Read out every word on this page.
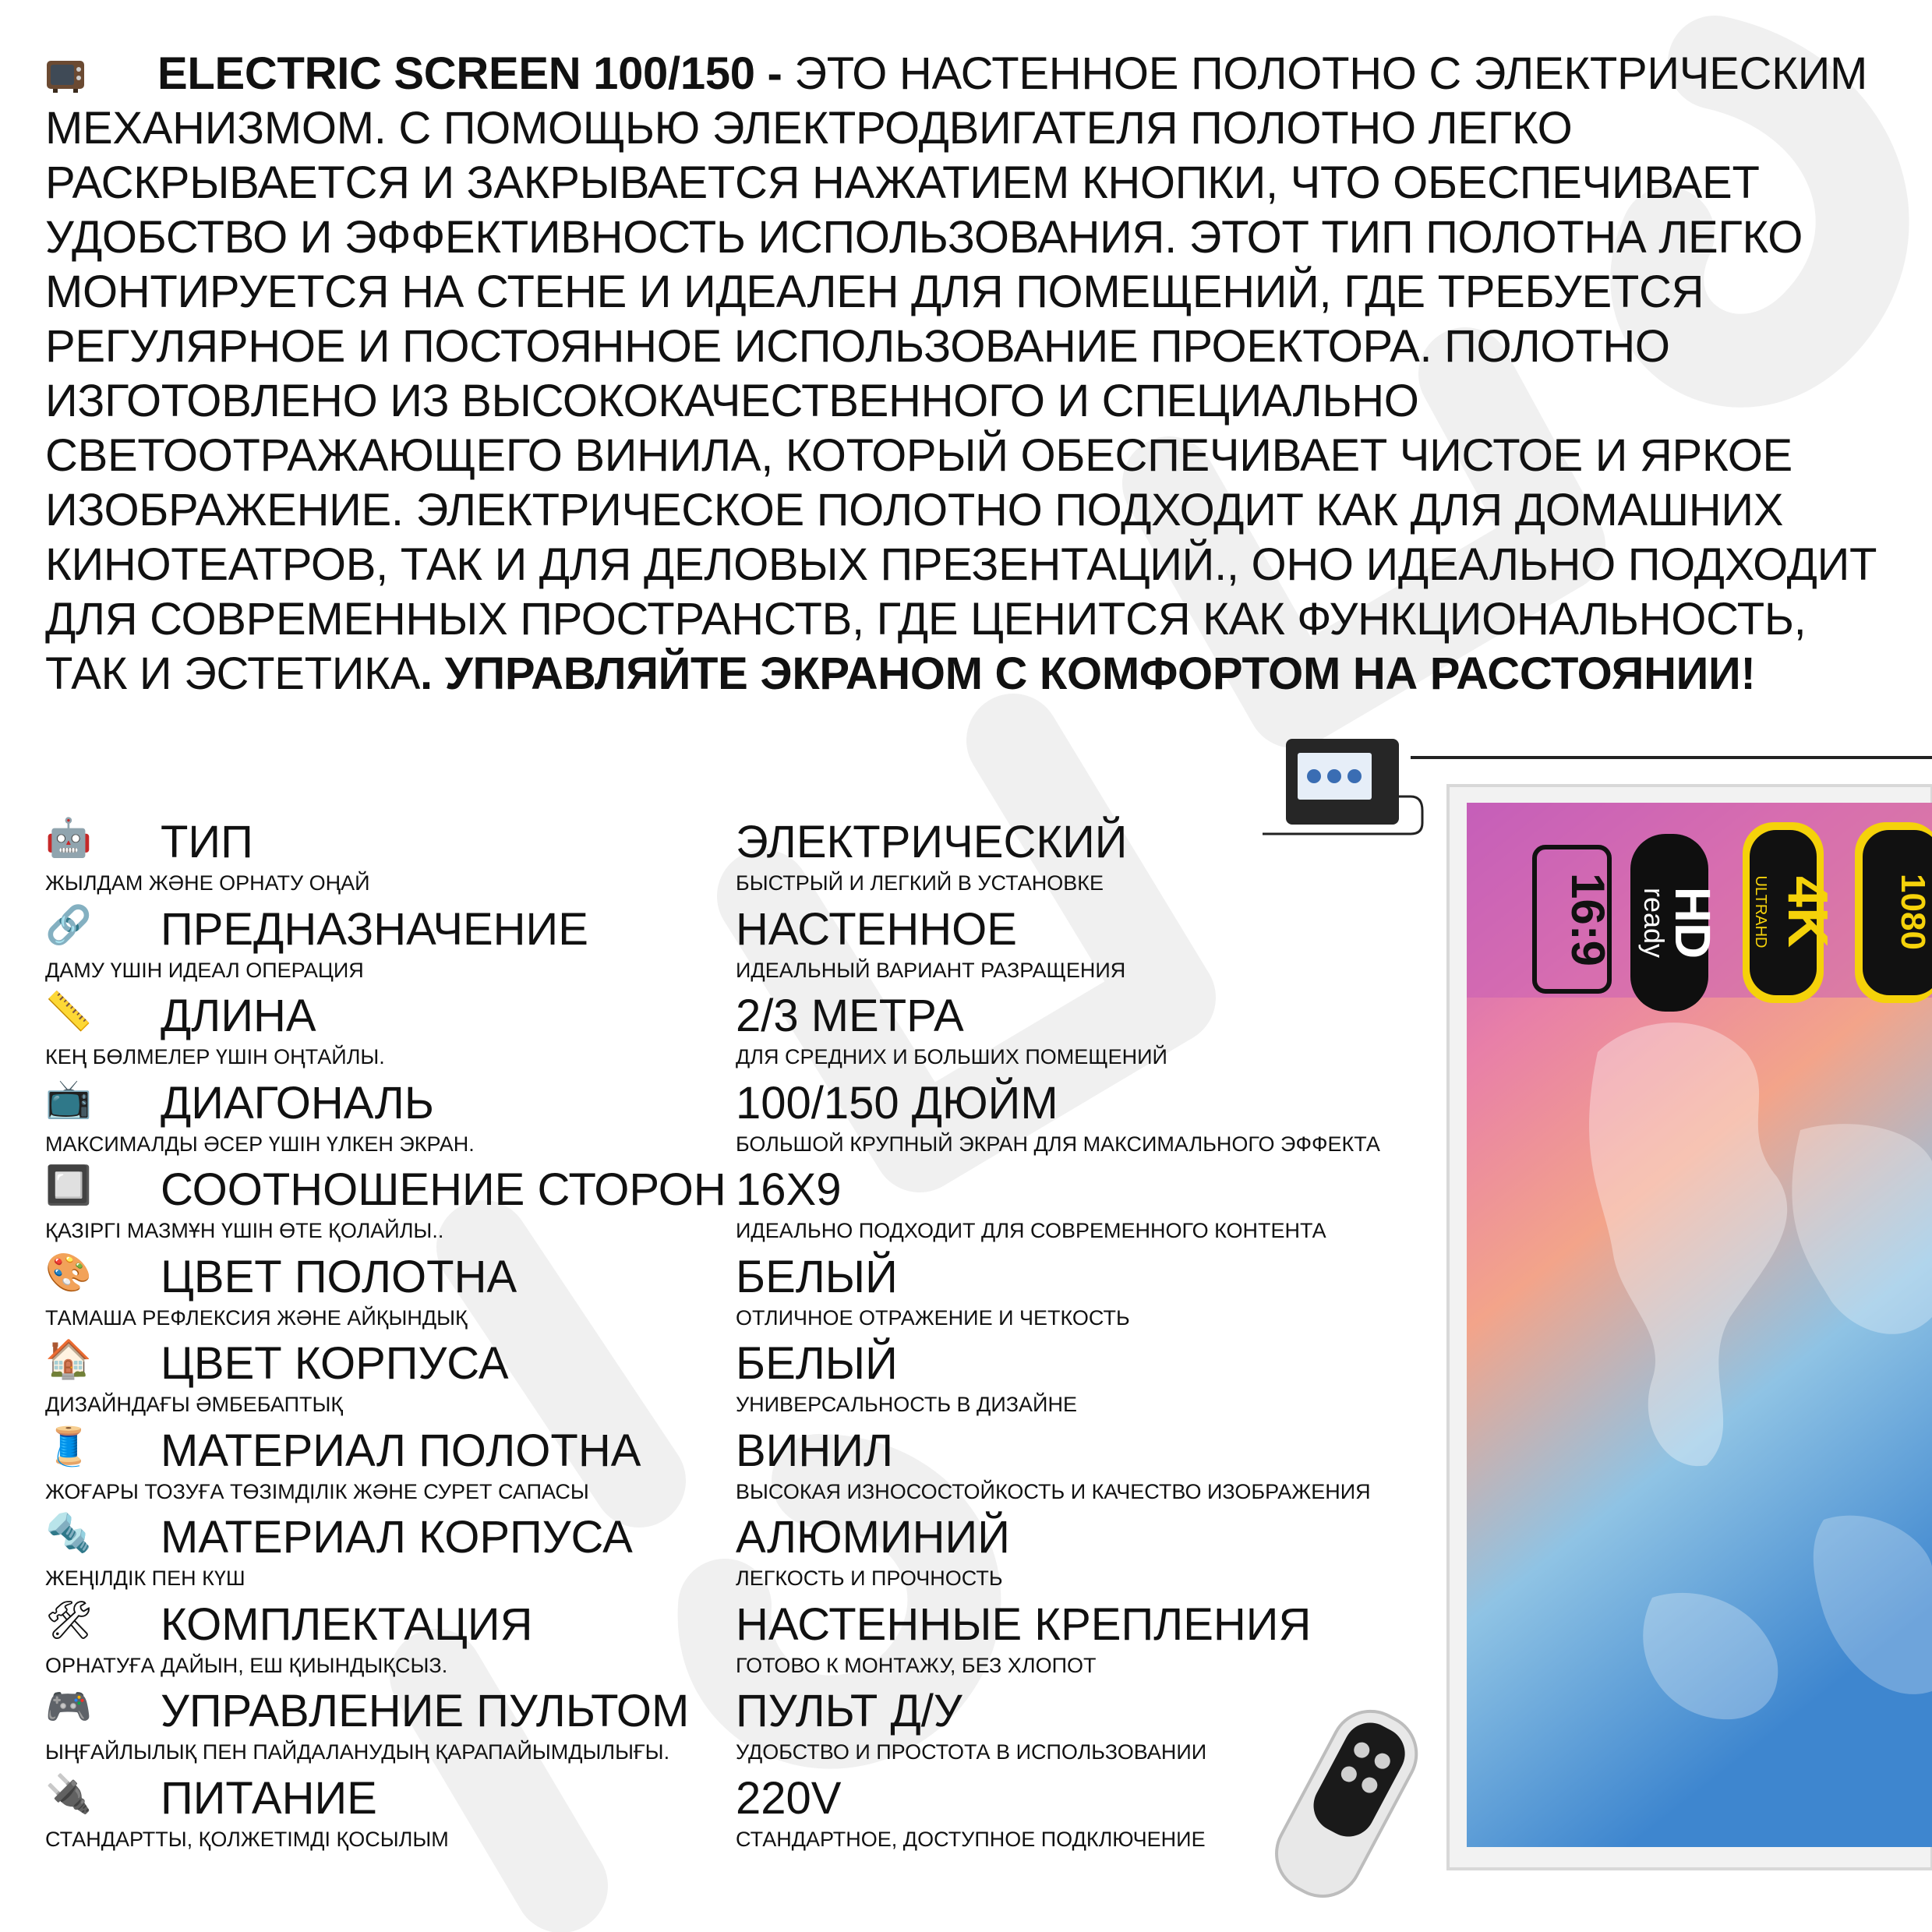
ELECTRIC SCREEN 100/150 - ЭТО НАСТЕННОЕ ПОЛОТНО С ЭЛЕКТРИЧЕСКИМ МЕХАНИЗМОМ. С ПОМОЩЬЮ ЭЛЕКТРОДВИГАТЕЛЯ ПОЛОТНО ЛЕГКО РАСКРЫВАЕТСЯ И ЗАКРЫВАЕТСЯ НАЖАТИЕМ КНОПКИ, ЧТО ОБЕСПЕЧИВАЕТ УДОБСТВО И ЭФФЕКТИВНОСТЬ ИСПОЛЬЗОВАНИЯ. ЭТОТ ТИП ПОЛОТНА ЛЕГКО МОНТИРУЕТСЯ НА СТЕНЕ И ИДЕАЛЕН ДЛЯ ПОМЕЩЕНИЙ, ГДЕ ТРЕБУЕТСЯ РЕГУЛЯРНОЕ И ПОСТОЯННОЕ ИСПОЛЬЗОВАНИЕ ПРОЕКТОРА. ПОЛОТНО ИЗГОТОВЛЕНО ИЗ ВЫСОКОКАЧЕСТВЕННОГО И СПЕЦИАЛЬНО СВЕТООТРАЖАЮЩЕГО ВИНИЛА, КОТОРЫЙ ОБЕСПЕЧИВАЕТ ЧИСТОЕ И ЯРКОЕ ИЗОБРАЖЕНИЕ. ЭЛЕКТРИЧЕСКОЕ ПОЛОТНО ПОДХОДИТ КАК ДЛЯ ДОМАШНИХ КИНОТЕАТРОВ, ТАК И ДЛЯ ДЕЛОВЫХ ПРЕЗЕНТАЦИЙ., ОНО ИДЕАЛЬНО ПОДХОДИТ ДЛЯ СОВРЕМЕННЫХ ПРОСТРАНСТВ, ГДЕ ЦЕНИТСЯ КАК ФУНКЦИОНАЛЬНОСТЬ, ТАК И ЭСТЕТИКА. УПРАВЛЯЙТЕ ЭКРАНОМ С КОМФОРТОМ НА РАССТОЯНИИ!
16:9 HD
ready 4K
ULTRAHD	1080
🤖 ТИП
ЖЫЛДАМ ЖӘНЕ ОРНАТУ ОҢАЙ
ЭЛЕКТРИЧЕСКИЙ
БЫСТРЫЙ И ЛЕГКИЙ В УСТАНОВКЕ
🔗 ПРЕДНАЗНАЧЕНИЕ
ДАМУ ҮШІН ИДЕАЛ ОПЕРАЦИЯ
НАСТЕННОЕ
ИДЕАЛЬНЫЙ ВАРИАНТ РАЗРАЩЕНИЯ
📏 ДЛИНА
КЕҢ БӨЛМЕЛЕР ҮШІН ОҢТАЙЛЫ.
2/3 МЕТРА
ДЛЯ СРЕДНИХ И БОЛЬШИХ ПОМЕЩЕНИЙ
📺 ДИАГОНАЛЬ
МАКСИМАЛДЫ ӘСЕР ҮШІН ҮЛКЕН ЭКРАН.
100/150 ДЮЙМ
БОЛЬШОЙ КРУПНЫЙ ЭКРАН ДЛЯ МАКСИМАЛЬНОГО ЭФФЕКТА
🔲 СООТНОШЕНИЕ СТОРОН
ҚАЗІРГІ МАЗМҰН ҮШІН ӨТЕ ҚОЛАЙЛЫ..
16X9
ИДЕАЛЬНО ПОДХОДИТ ДЛЯ СОВРЕМЕННОГО КОНТЕНТА
🎨 ЦВЕТ ПОЛОТНА
ТАМАША РЕФЛЕКСИЯ ЖӘНЕ АЙҚЫНДЫҚ
БЕЛЫЙ
ОТЛИЧНОЕ ОТРАЖЕНИЕ И ЧЕТКОСТЬ
🏠 ЦВЕТ КОРПУСА
ДИЗАЙНДАҒЫ ӘМБЕБАПТЫҚ
БЕЛЫЙ
УНИВЕРСАЛЬНОСТЬ В ДИЗАЙНЕ
🧵 МАТЕРИАЛ ПОЛОТНА
ЖОҒАРЫ ТОЗУҒА ТӨЗІМДІЛІК ЖӘНЕ СУРЕТ САПАСЫ
ВИНИЛ
ВЫСОКАЯ ИЗНОСОСТОЙКОСТЬ И КАЧЕСТВО ИЗОБРАЖЕНИЯ
🔩 МАТЕРИАЛ КОРПУСА
ЖЕҢІЛДІК ПЕН КҮШ
АЛЮМИНИЙ
ЛЕГКОСТЬ И ПРОЧНОСТЬ
🛠 КОМПЛЕКТАЦИЯ
ОРНАТУҒА ДАЙЫН, ЕШ ҚИЫНДЫҚСЫЗ.
НАСТЕННЫЕ КРЕПЛЕНИЯ
ГОТОВО К МОНТАЖУ, БЕЗ ХЛОПОТ
🎮 УПРАВЛЕНИЕ ПУЛЬТОМ
ЫҢҒАЙЛЫЛЫҚ ПЕН ПАЙДАЛАНУДЫҢ ҚАРАПАЙЫМДЫЛЫҒЫ.
ПУЛЬТ Д/У
УДОБСТВО И ПРОСТОТА В ИСПОЛЬЗОВАНИИ
🔌 ПИТАНИЕ
СТАНДАРТТЫ, ҚОЛЖЕТІМДІ ҚОСЫЛЫМ
220V
СТАНДАРТНОЕ, ДОСТУПНОЕ ПОДКЛЮЧЕНИЕ
